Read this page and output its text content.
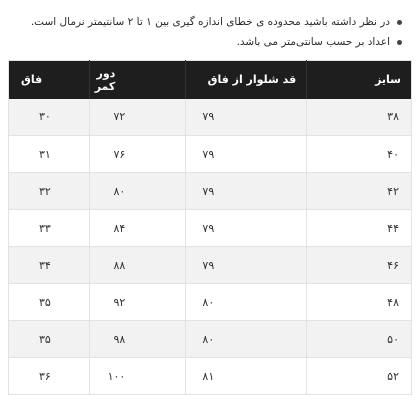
در نظر داشته باشید محدوده ی خطای اندازه گیری بین ۱ تا ۲ سانتیمتر نرمال است.
اعداد بر حسب سانتی‌متر می باشد.
سایز	قد شلوار از فاق	دور کمر	فاق
۳۸	۷۹	۷۲	۳۰
۴۰	۷۹	۷۶	۳۱
۴۲	۷۹	۸۰	۳۲
۴۴	۷۹	۸۴	۳۳
۴۶	۷۹	۸۸	۳۴
۴۸	۸۰	۹۲	۳۵
۵۰	۸۰	۹۸	۳۵
۵۲	۸۱	۱۰۰	۳۶
